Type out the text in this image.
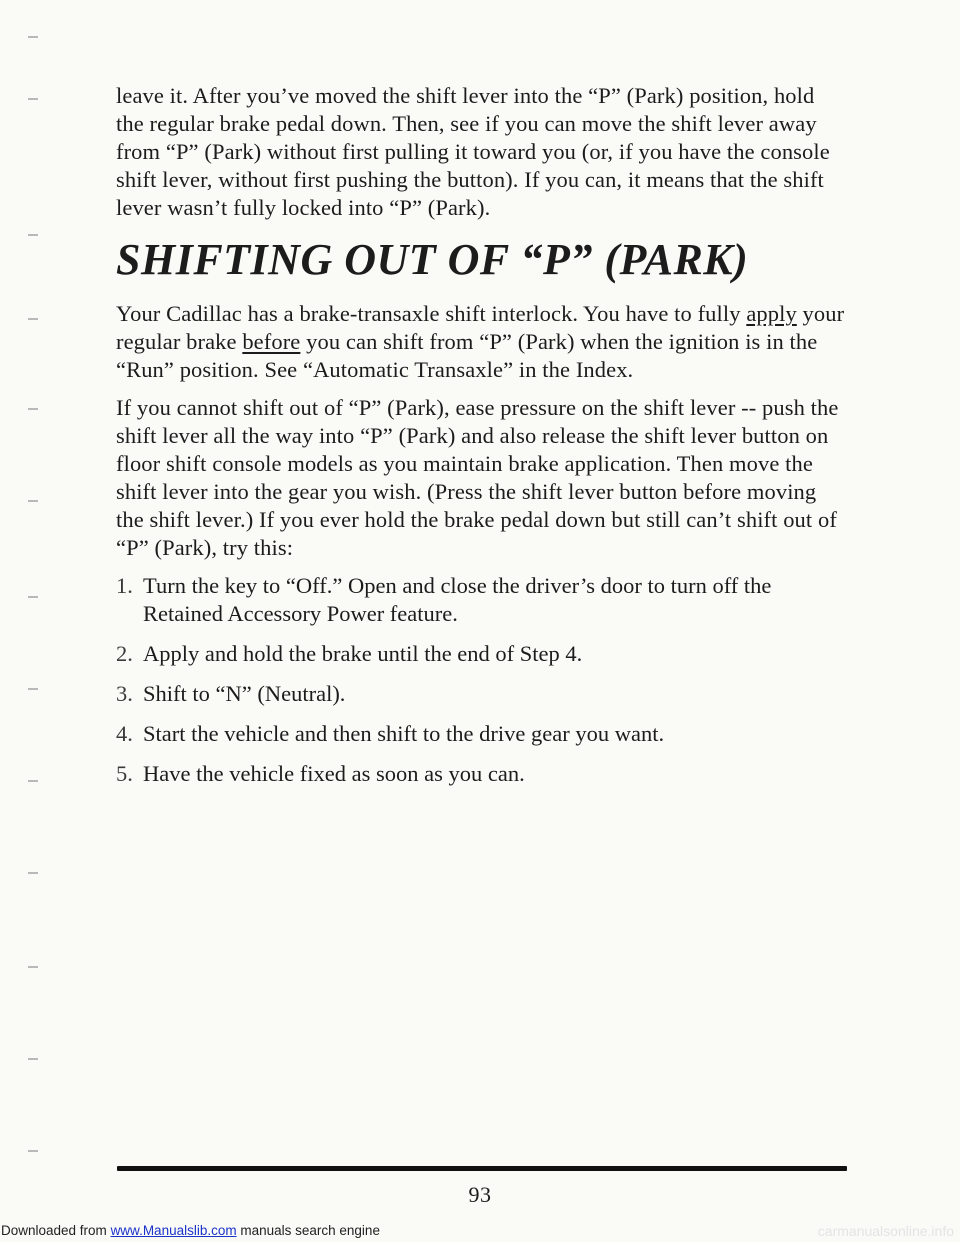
leave it. After you’ve moved the shift lever into the “P” (Park) position, hold the regular brake pedal down. Then, see if you can move the shift lever away from “P” (Park) without first pulling it toward you (or, if you have the console shift lever, without first pushing the button). If you can, it means that the shift lever wasn’t fully locked into “P” (Park).

SHIFTING OUT OF “P” (PARK)

Your Cadillac has a brake-transaxle shift interlock. You have to fully apply your regular brake before you can shift from “P” (Park) when the ignition is in the “Run” position. See “Automatic Transaxle” in the Index.

If you cannot shift out of “P” (Park), ease pressure on the shift lever -- push the shift lever all the way into “P” (Park) and also release the shift lever button on floor shift console models as you maintain brake application. Then move the shift lever into the gear you wish. (Press the shift lever button before moving the shift lever.) If you ever hold the brake pedal down but still can’t shift out of “P” (Park), try this:

1. Turn the key to “Off.” Open and close the driver’s door to turn off the Retained Accessory Power feature.
2. Apply and hold the brake until the end of Step 4.
3. Shift to “N” (Neutral).
4. Start the vehicle and then shift to the drive gear you want.
5. Have the vehicle fixed as soon as you can.
93
Downloaded from www.Manualslib.com manuals search engine	carmanualsonline.info
